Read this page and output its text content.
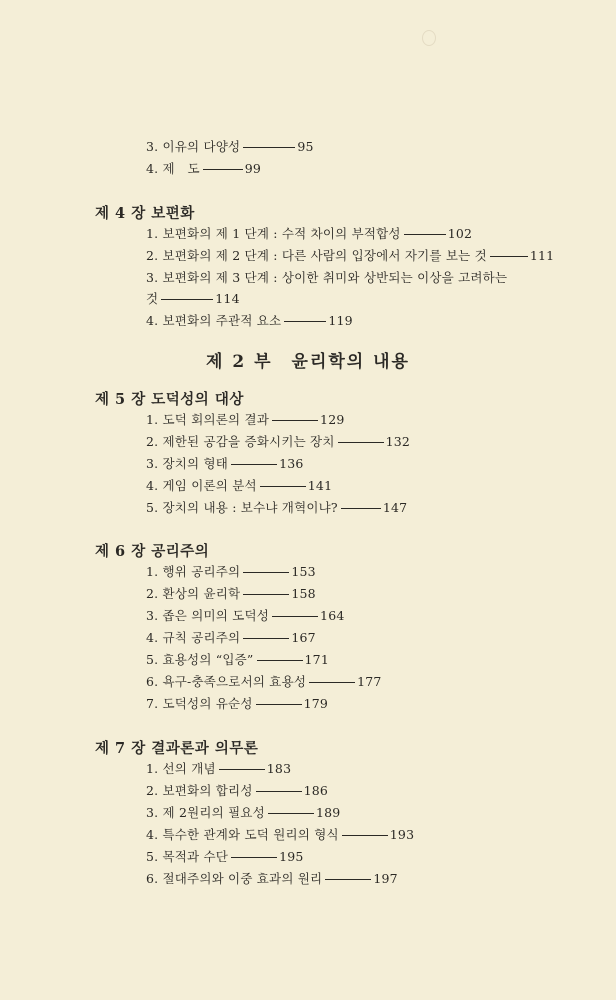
3. 이유의 다양성	95
4. 제　도	99
제 4 장 보편화
1. 보편화의 제 1 단계 : 수적 차이의 부적합성	102
2. 보편화의 제 2 단계 : 다른 사람의 입장에서 자기를 보는 것	111
3. 보편화의 제 3 단계 : 상이한 취미와 상반되는 이상을 고려하는
것	114
4. 보편화의 주관적 요소	119
제 2 부　윤리학의 내용
제 5 장 도덕성의 대상
1. 도덕 회의론의 결과	129
2. 제한된 공감을 증화시키는 장치	132
3. 장치의 형태	136
4. 게임 이론의 분석	141
5. 장치의 내용 : 보수냐 개혁이냐?	147
제 6 장 공리주의
1. 행위 공리주의	153
2. 환상의 윤리학	158
3. 좁은 의미의 도덕성	164
4. 규칙 공리주의	167
5. 효용성의 “입증”	171
6. 욕구-충족으로서의 효용성	177
7. 도덕성의 유순성	179
제 7 장 결과론과 의무론
1. 선의 개념	183
2. 보편화의 합리성	186
3. 제 2원리의 필요성	189
4. 특수한 관계와 도덕 원리의 형식	193
5. 목적과 수단	195
6. 절대주의와 이중 효과의 원리	197
